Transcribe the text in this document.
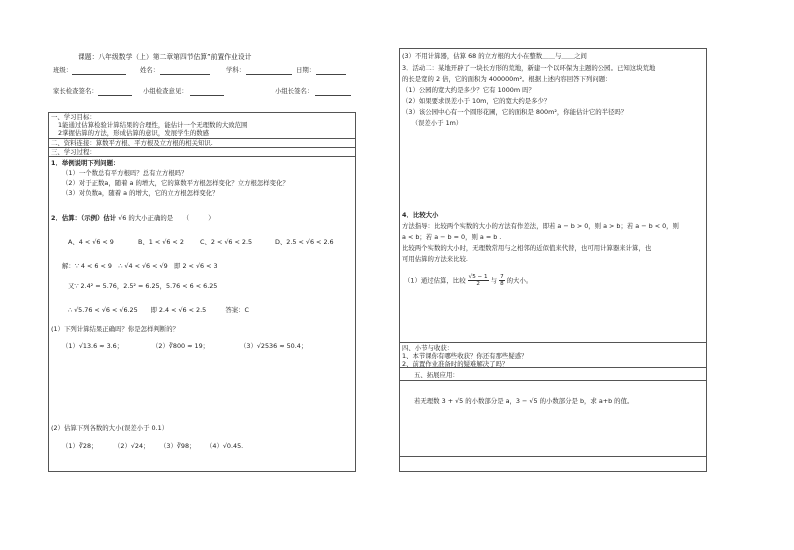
课题：八年级数学（上）第二章第四节估算”前置作业设计
班级：	姓名：	学科：	日期：
家长检查签名：	小组检查意见：	小组长签名：
一、学习目标：
1能通过估算检验计算结果的合理性，能估计一个无理数的大致范围
2掌握估算的方法，形成估算的意识，发展学生的数感
二、资料连接：算数平方根、平方根及立方根的相关知识.
三、学习过程：
1．举例说明下列问题：
（1）一个数总有平方根吗？总有立方根吗？
（2）对于正数a，随着 a 的增大，它的算数平方根怎样变化？立方根怎样变化？
（3）对负数a，随着 a 的增大，它的立方根怎样变化？
2．估算：（示例）估计 √6 的大小正确的是　　（　　　）
A、4 < √6 < 9	B、1 < √6 < 2	C、2 < √6 < 2.5	D、2.5 < √6 < 2.6
解：∵ 4 < 6 < 9　∴ √4 < √6 < √9　即 2 < √6 < 3
又∵ 2.4² = 5.76，2.5² = 6.25，5.76 < 6 < 6.25
∴ √5.76 < √6 < √6.25　　即 2.4 < √6 < 2.5　　　答案：C
(1）下列计算结果正确吗？你是怎样判断的？
（1）√13.6 ≈ 3.6；	（2）∛800 ≈ 19；	（3）√2536 ≈ 50.4；
(2）估算下列各数的大小(误差小于 0.1）
（1）∛28；	（2）√24； （3）∛98； （4）√0.45.
(3）不用计算器，估算 68 的立方根的大小在整数＿＿与＿＿之间
3．活动二：某地开辟了一块长方形的荒地，新建一个以环保为主题的公园。已知这块荒地
的长是宽的 2 倍，它的面积为 400000m²。根据上述内容回答下列问题：
（1）公园的宽大约是多少？它有 1000m 吗？
（2）如果要求误差小于 10m，它的宽大约是多少？
（3）该公园中心有一个圆形花圃，它的面积是 800m²，你能估计它的半径吗？
　　（误差小于 1m）
4．比较大小
方法指导：比较两个实数的大小的方法有作差法，即若 a − b > 0，则 a > b；若 a − b < 0，则
a < b；若 a − b = 0，则 a = b .
比较两个实数的大小时，无理数常用与之相邻的近似值来代替，也可用计算器来计算，也
可用估算的方法来比较.
（1）通过估算，比较 $\frac{√5 - 1}{2}$ 与 $\frac{7}{8}$ 的大小。
四、小节与收获：
1、本节课你有哪些收获？你还有那些疑惑？
2、前置作业准备时的疑难解决了吗？
五、拓展应用：
若无理数 3 + √5 的小数部分是 a，3 − √5 的小数部分是 b，求 a+b 的值。
